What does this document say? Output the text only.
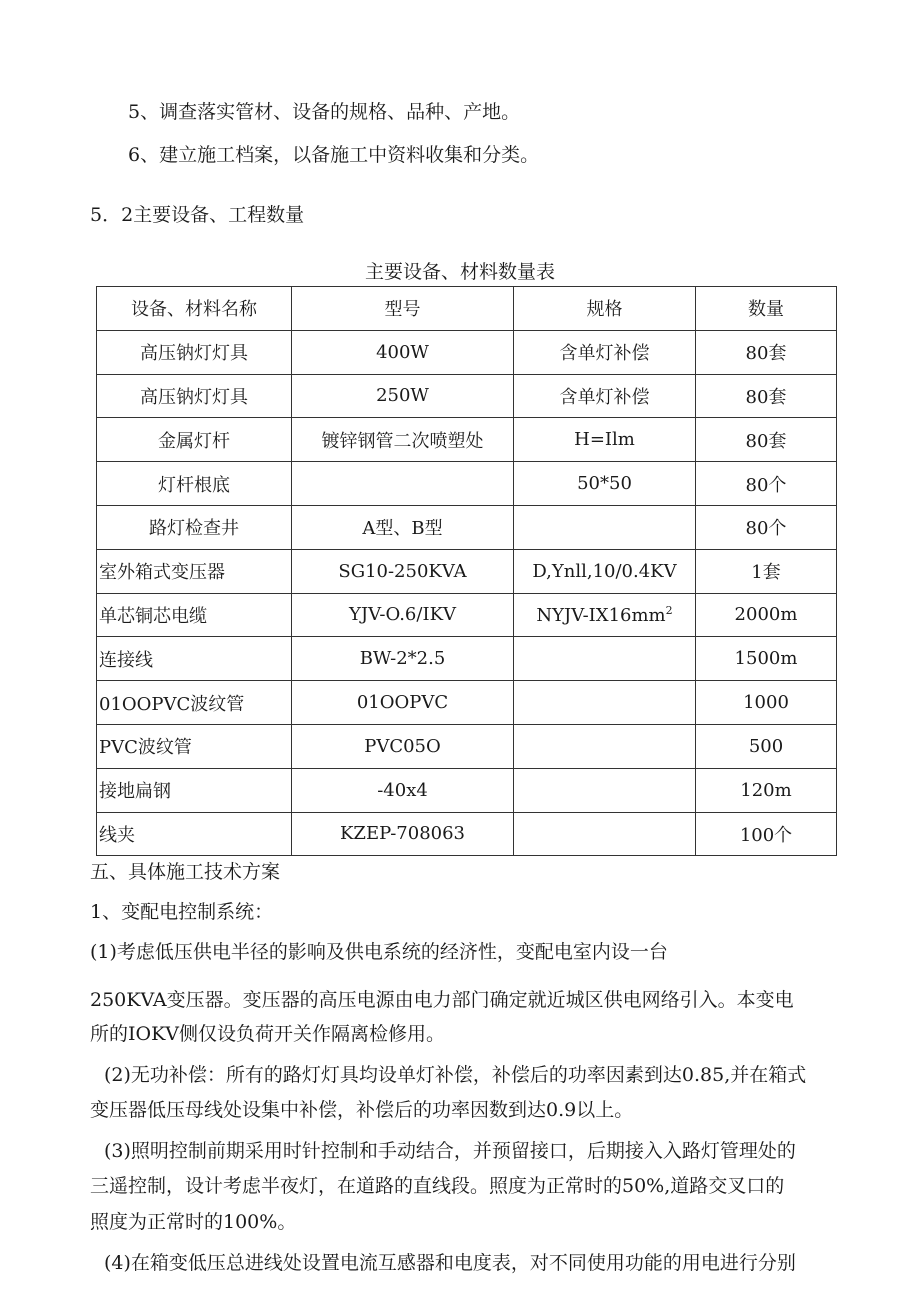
5、调查落实管材、设备的规格、品种、产地。
6、建立施工档案，以备施工中资料收集和分类。
5．2主要设备、工程数量
主要设备、材料数量表
设备、材料名称	型号	规格	数量
高压钠灯灯具	400W	含单灯补偿	80套
高压钠灯灯具	250W	含单灯补偿	80套
金属灯杆	镀锌钢管二次喷塑处	H=Ilm	80套
灯杆根底		50*50	80个
路灯检查井	A型、B型		80个
室外箱式变压器	SG10-250KVA	D,Ynll,10/0.4KV	1套
单芯铜芯电缆	YJV-O.6/IKV	NYJV-$IX16mm^2$	2000m
连接线	BW-2*2.5		1500m
01OOPVC波纹管	01OOPVC		1000
PVC波纹管	PVC05O		500
接地扁钢	-40x4		120m
线夹	KZEP-708063		100个
五、具体施工技术方案
1、变配电控制系统：
(1)考虑低压供电半径的影响及供电系统的经济性，变配电室内设一台
250KVA变压器。变压器的高压电源由电力部门确定就近城区供电网络引入。本变电
所的IOKV侧仅设负荷开关作隔离检修用。
(2)无功补偿：所有的路灯灯具均设单灯补偿，补偿后的功率因素到达0.85,并在箱式
变压器低压母线处设集中补偿，补偿后的功率因数到达0.9以上。
(3)照明控制前期采用时针控制和手动结合，并预留接口，后期接入入路灯管理处的
三遥控制，设计考虑半夜灯，在道路的直线段。照度为正常时的50%,道路交叉口的
照度为正常时的100%。
(4)在箱变低压总进线处设置电流互感器和电度表，对不同使用功能的用电进行分别
